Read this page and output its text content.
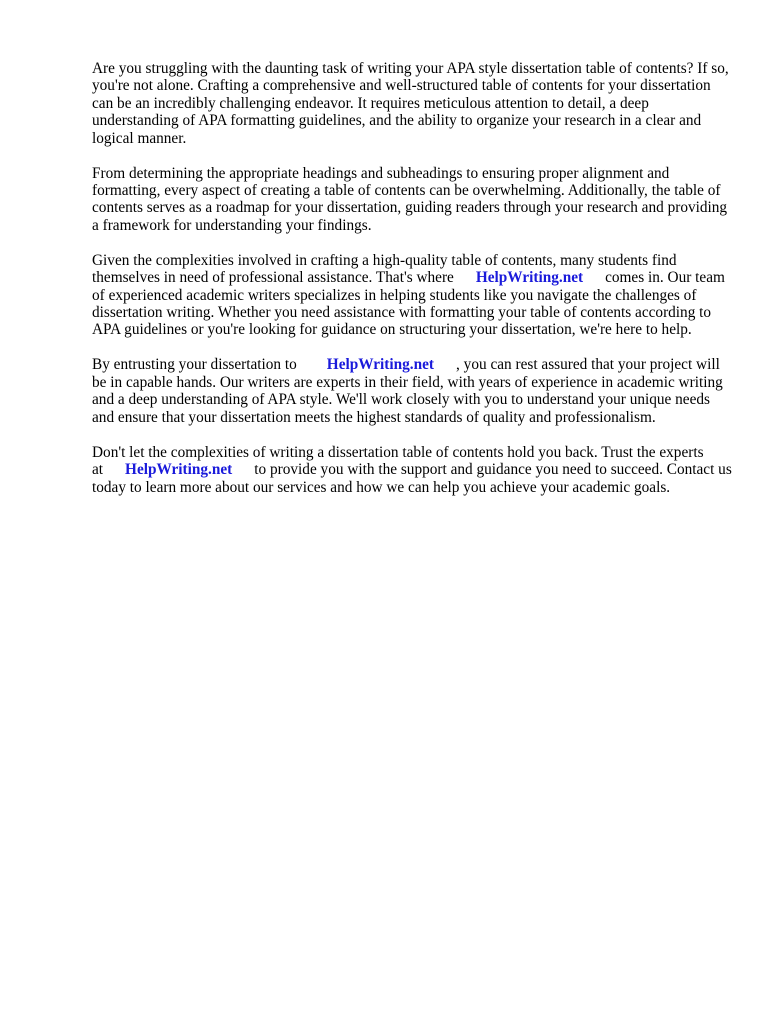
Are you struggling with the daunting task of writing your APA style dissertation table of contents? If so, you're not alone. Crafting a comprehensive and well-structured table of contents for your dissertation can be an incredibly challenging endeavor. It requires meticulous attention to detail, a deep understanding of APA formatting guidelines, and the ability to organize your research in a clear and logical manner.

From determining the appropriate headings and subheadings to ensuring proper alignment and formatting, every aspect of creating a table of contents can be overwhelming. Additionally, the table of contents serves as a roadmap for your dissertation, guiding readers through your research and providing a framework for understanding your findings.

Given the complexities involved in crafting a high-quality table of contents, many students find themselves in need of professional assistance. That's where HelpWriting.net comes in. Our team of experienced academic writers specializes in helping students like you navigate the challenges of dissertation writing. Whether you need assistance with formatting your table of contents according to APA guidelines or you're looking for guidance on structuring your dissertation, we're here to help.

By entrusting your dissertation to HelpWriting.net , you can rest assured that your project will be in capable hands. Our writers are experts in their field, with years of experience in academic writing and a deep understanding of APA style. We'll work closely with you to understand your unique needs and ensure that your dissertation meets the highest standards of quality and professionalism.

Don't let the complexities of writing a dissertation table of contents hold you back. Trust the experts at HelpWriting.net to provide you with the support and guidance you need to succeed. Contact us today to learn more about our services and how we can help you achieve your academic goals.
